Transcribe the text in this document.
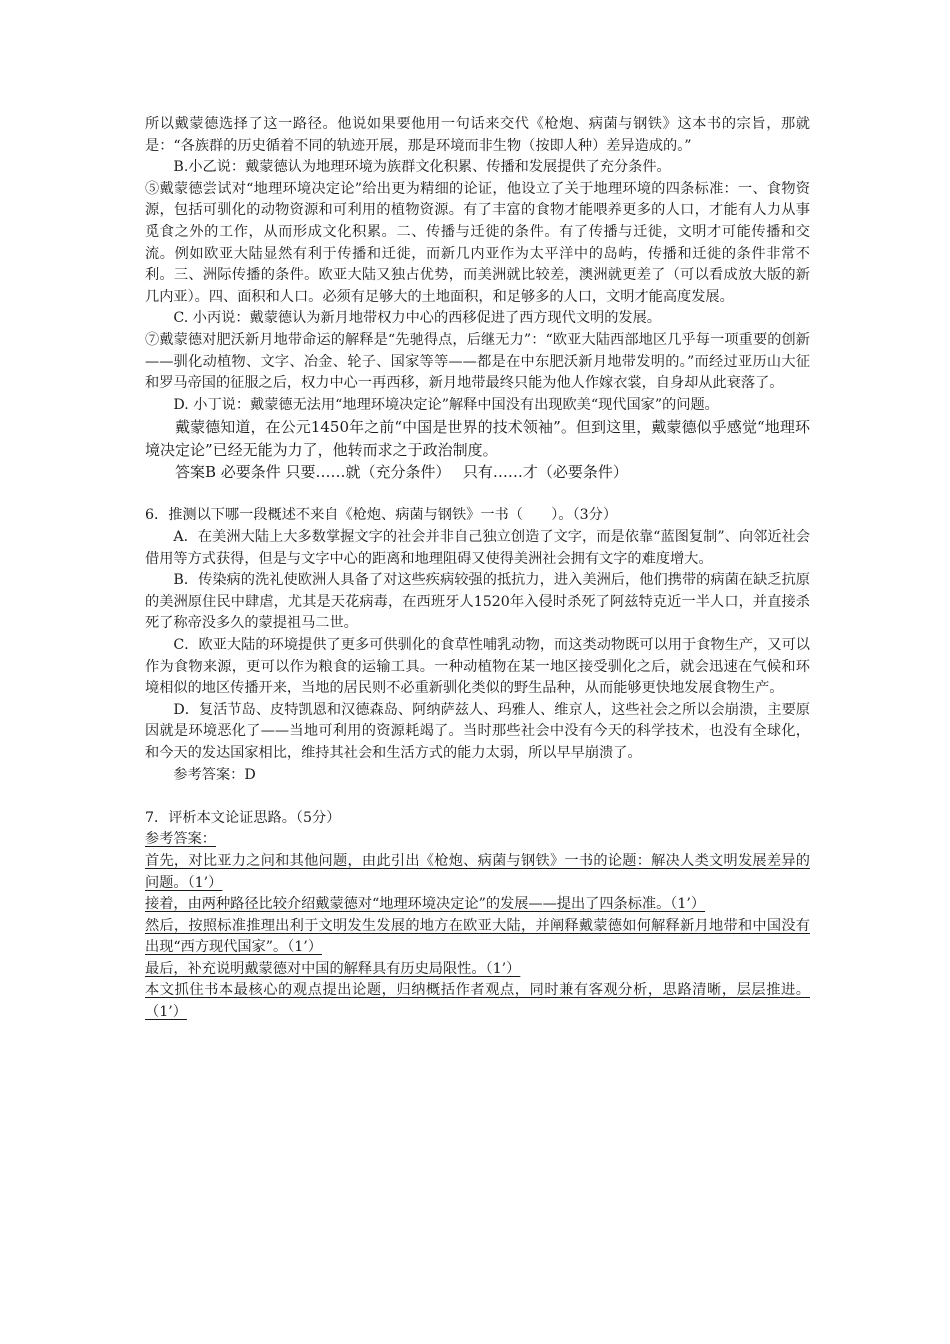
所以戴蒙德选择了这一路径。他说如果要他用一句话来交代《枪炮、病菌与钢铁》这本书的宗旨，那就是：“各族群的历史循着不同的轨迹开展，那是环境而非生物（按即人种）差异造成的。”

B.小乙说：戴蒙德认为地理环境为族群文化积累、传播和发展提供了充分条件。

⑤戴蒙德尝试对“地理环境决定论”给出更为精细的论证，他设立了关于地理环境的四条标准：一、食物资源，包括可驯化的动物资源和可利用的植物资源。有了丰富的食物才能喂养更多的人口，才能有人力从事觅食之外的工作，从而形成文化积累。二、传播与迁徙的条件。有了传播与迁徙，文明才可能传播和交流。例如欧亚大陆显然有利于传播和迁徙，而新几内亚作为太平洋中的岛屿，传播和迁徙的条件非常不利。三、洲际传播的条件。欧亚大陆又独占优势，而美洲就比较差，澳洲就更差了（可以看成放大版的新几内亚）。四、面积和人口。必须有足够大的土地面积，和足够多的人口，文明才能高度发展。

C. 小丙说：戴蒙德认为新月地带权力中心的西移促进了西方现代文明的发展。

⑦戴蒙德对肥沃新月地带命运的解释是“先驰得点，后继无力”：“欧亚大陆西部地区几乎每一项重要的创新——驯化动植物、文字、冶金、轮子、国家等等——都是在中东肥沃新月地带发明的。”而经过亚历山大征和罗马帝国的征服之后，权力中心一再西移，新月地带最终只能为他人作嫁衣裳，自身却从此衰落了。

D. 小丁说：戴蒙德无法用“地理环境决定论”解释中国没有出现欧美“现代国家”的问题。

戴蒙德知道，在公元1450年之前“中国是世界的技术领袖”。但到这里，戴蒙德似乎感觉“地理环境决定论”已经无能为力了，他转而求之于政治制度。

答案B 必要条件 只要……就（充分条件）　 只有……才（必要条件）

6．推测以下哪一段概述不来自《枪炮、病菌与钢铁》一书（　　）。（3分）

A．在美洲大陆上大多数掌握文字的社会并非自己独立创造了文字，而是依靠“蓝图复制”、向邻近社会借用等方式获得，但是与文字中心的距离和地理阻碍又使得美洲社会拥有文字的难度增大。

B．传染病的洗礼使欧洲人具备了对这些疾病较强的抵抗力，进入美洲后，他们携带的病菌在缺乏抗原的美洲原住民中肆虐，尤其是天花病毒，在西班牙人1520年入侵时杀死了阿兹特克近一半人口，并直接杀死了称帝没多久的蒙提祖马二世。

C．欧亚大陆的环境提供了更多可供驯化的食草性哺乳动物，而这类动物既可以用于食物生产，又可以作为食物来源，更可以作为粮食的运输工具。一种动植物在某一地区接受驯化之后，就会迅速在气候和环境相似的地区传播开来，当地的居民则不必重新驯化类似的野生品种，从而能够更快地发展食物生产。

D．复活节岛、皮特凯恩和汉德森岛、阿纳萨兹人、玛雅人、维京人，这些社会之所以会崩溃，主要原因就是环境恶化了——当地可利用的资源耗竭了。当时那些社会中没有今天的科学技术，也没有全球化，和今天的发达国家相比，维持其社会和生活方式的能力太弱，所以早早崩溃了。

参考答案：D

7．评析本文论证思路。（5分）

参考答案：

首先，对比亚力之问和其他问题，由此引出《枪炮、病菌与钢铁》一书的论题：解决人类文明发展差异的问题。（1’）

接着，由两种路径比较介绍戴蒙德对“地理环境决定论”的发展——提出了四条标准。（1’）

然后，按照标准推理出利于文明发生发展的地方在欧亚大陆，并阐释戴蒙德如何解释新月地带和中国没有出现“西方现代国家”。（1’）

最后，补充说明戴蒙德对中国的解释具有历史局限性。（1’）

本文抓住书本最核心的观点提出论题，归纳概括作者观点，同时兼有客观分析，思路清晰，层层推进。（1’）
